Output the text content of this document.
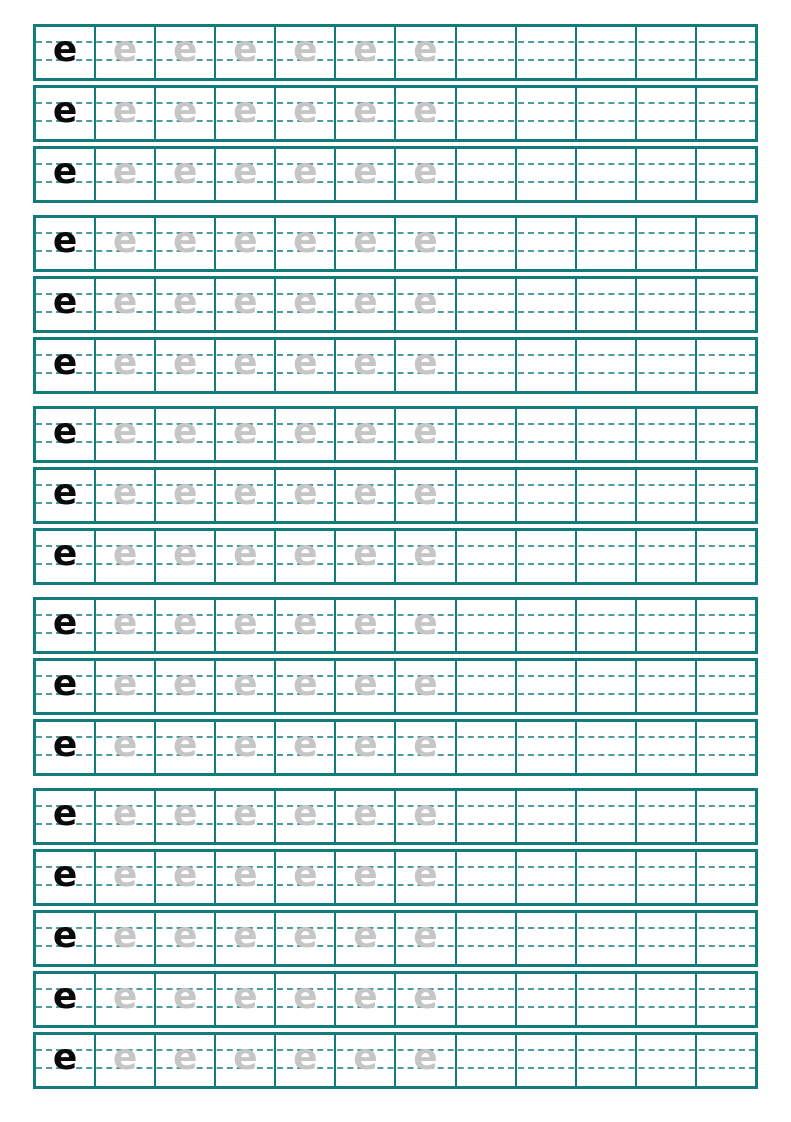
e e e e e e e
e e e e e e e
e e e e e e e
e e e e e e e
e e e e e e e
e e e e e e e
e e e e e e e
e e e e e e e
e e e e e e e
e e e e e e e
e e e e e e e
e e e e e e e
e e e e e e e
e e e e e e e
e e e e e e e
e e e e e e e
e e e e e e e
